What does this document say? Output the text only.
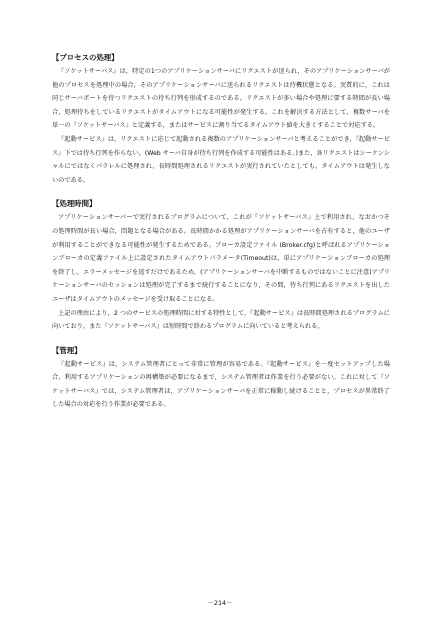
【プロセスの処理】

『ソケットサーバス』は，特定の1つのアプリケーションサーバにリクエストが送られ，そのアプリケーションサーバが他のプロセスを処理中の場合，そのアプリケーションサーバに送られるリクエストは待機状態となる。実質的に，これは同じサーバポートを待つリクエストの待ち行列を形成するのである。リクエストが多い場合や処理に要する時間が長い場合，処理待ちをしているリクエストがタイムアウトになる可能性が発生する。これを解決する方法として，複数サーバを単一の『ソケットサーバス』と定義する，またはサービスに割り当てるタイムアウト値を大きくすることで対応する。

『起動サービス』は，リクエストに応じて起動される複数のアプリケーションサーバと考えることができ，『起動サービス』下では待ち行列を作らない。(Web サーバ自身が待ち行列を作成する可能性はある。)また，各リクエストはシーケンシャルにではなくパラレルに処理され，長時間処理されるリクエストが実行されていたとしても，タイムアウトは発生しないのである。

【処理時間】

アプリケーションサーバーで実行されるプログラムについて，これが『ソケットサーバス』上で利用され，なおかつその処理時間が長い場合，問題となる場合がある。長時間かかる処理がアプリケーションサーバを占有すると，他のユーザが利用することができなる可能性が発生するためである。ブローカ設定ファイル (Broker.cfg)と呼ばれるアプリケーションブローカの定義ファイル上に設定されたタイムアウトパラメータ(Timeout)は，単にアプリケーションブローカの処理を終了し，エラーメッセージを返すだけであるため，(アプリケーションサーバを中断するものではないことに注意)アプリケーションサーバのセッションは処理が完了するまで続行することになり，その間，待ち行列にあるリクエストを出したユーザはタイムアウトのメッセージを受け取ることになる。

上記の理由により，2 つのサービスの処理時間に対する特性として，『起動サービス』は長時間処理されるプログラムに向いており，また『ソケットサーバス』は短時間で終わるプログラムに向いていると考えられる。

【管理】

『起動サービス』は，システム管理者にとって非常に管理が容易である。『起動サービス』を一度セットアップした場合，利用するアプリケーションの再構築が必要になるまで，システム管理者は作業を行う必要がない。これに対して『ソケットサーバス』では，システム管理者は，アプリケーションサーバを正常に稼動し続けることと，プロセスが異常終了した場合の対応を行う作業が必要である。

－214－
